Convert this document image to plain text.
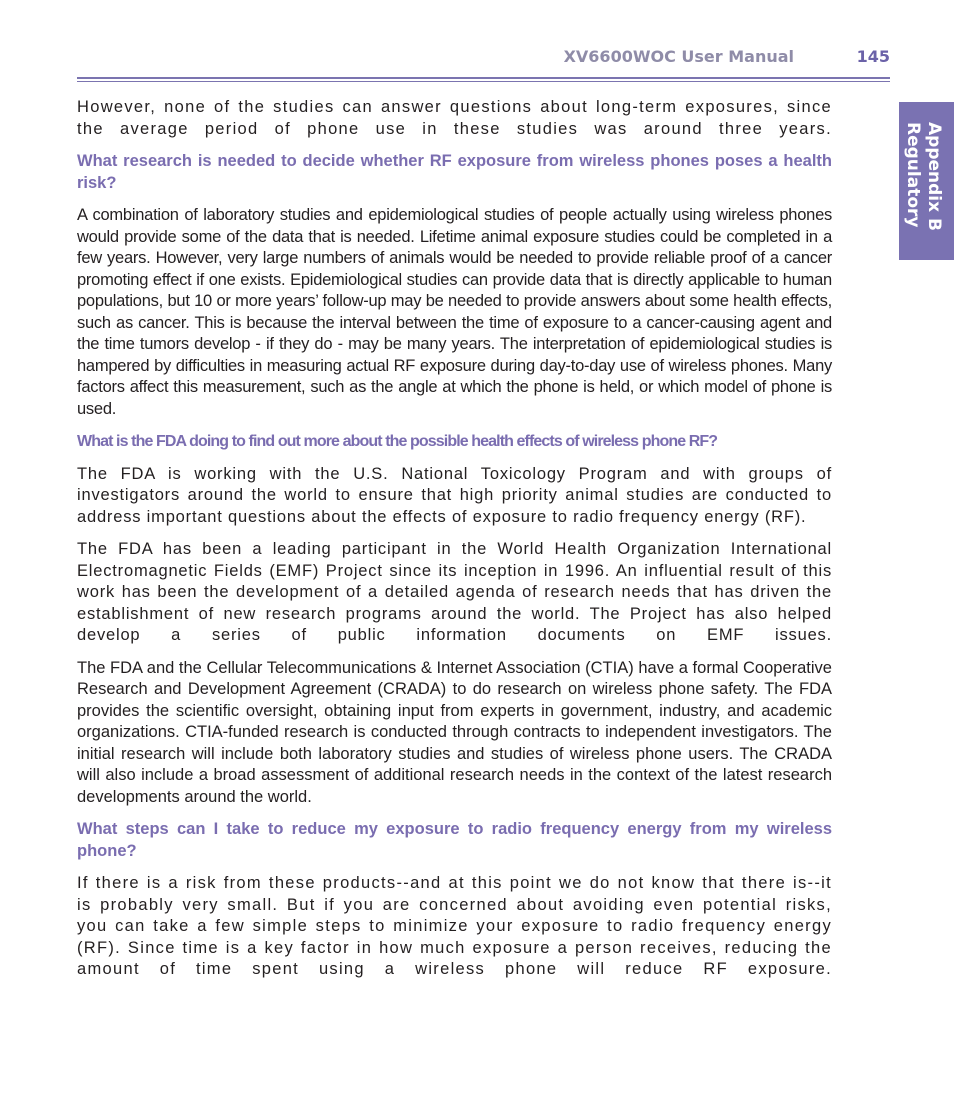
XV6600WOC User Manual	145
Appendix B Regulatory

However, none of the studies can answer questions about long-term exposures, since the average period of phone use in these studies was around three years.

What research is needed to decide whether RF exposure from wireless phones poses a health risk?

A combination of laboratory studies and epidemiological studies of people actually using wireless phones would provide some of the data that is needed. Lifetime animal exposure studies could be completed in a few years. However, very large numbers of animals would be needed to provide reliable proof of a cancer promoting effect if one exists. Epidemiological studies can provide data that is directly applicable to human populations, but 10 or more years’ follow-up may be needed to provide answers about some health effects, such as cancer. This is because the interval between the time of exposure to a cancer-causing agent and the time tumors develop - if they do - may be many years. The interpretation of epidemiological studies is hampered by difficulties in measuring actual RF exposure during day-to-day use of wireless phones. Many factors affect this measurement, such as the angle at which the phone is held, or which model of phone is used.

What is the FDA doing to find out more about the possible health effects of wireless phone RF?

The FDA is working with the U.S. National Toxicology Program and with groups of investigators around the world to ensure that high priority animal studies are conducted to address important questions about the effects of exposure to radio frequency energy (RF).

The FDA has been a leading participant in the World Health Organization International Electromagnetic Fields (EMF) Project since its inception in 1996. An influential result of this work has been the development of a detailed agenda of research needs that has driven the establishment of new research programs around the world. The Project has also helped develop a series of public information documents on EMF issues.

The FDA and the Cellular Telecommunications & Internet Association (CTIA) have a formal Cooperative Research and Development Agreement (CRADA) to do research on wireless phone safety. The FDA provides the scientific oversight, obtaining input from experts in government, industry, and academic organizations. CTIA-funded research is conducted through contracts to independent investigators. The initial research will include both laboratory studies and studies of wireless phone users. The CRADA will also include a broad assessment of additional research needs in the context of the latest research developments around the world.

What steps can I take to reduce my exposure to radio frequency energy from my wireless phone?

If there is a risk from these products--and at this point we do not know that there is--it is probably very small. But if you are concerned about avoiding even potential risks, you can take a few simple steps to minimize your exposure to radio frequency energy (RF). Since time is a key factor in how much exposure a person receives, reducing the amount of time spent using a wireless phone will reduce RF exposure.
